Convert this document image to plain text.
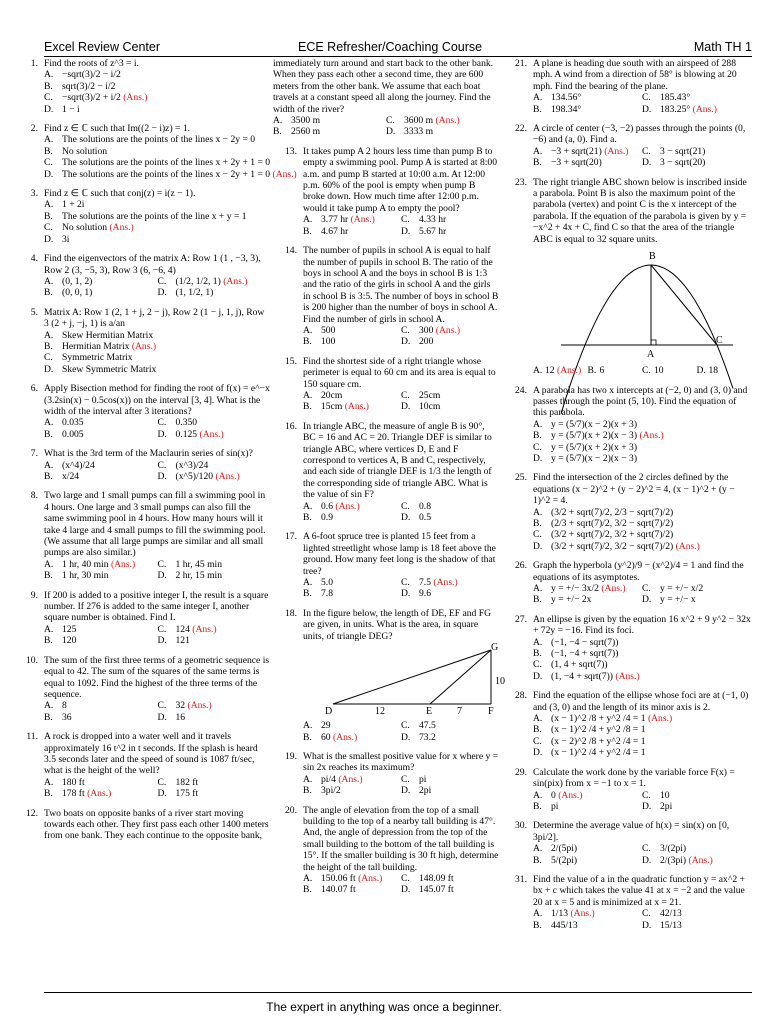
Excel Review Center	ECE Refresher/Coaching Course	Math TH 1
1. Find the roots of z^3 = i.
A. −sqrt(3)/2 − i/2
B. sqrt(3)/2 − i/2
C. −sqrt(3)/2 + i/2 (Ans.)
D. 1 − i
2. Find z ∈ ℂ such that Im((2 − i)z) = 1.
A. The solutions are the points of the lines x − 2y = 0
B. No solution
C. The solutions are the points of the lines x + 2y + 1 = 0
D. The solutions are the points of the lines x − 2y + 1 = 0 (Ans.)
3. Find z ∈ ℂ such that conj(z) = i(z − 1).
A. 1 + 2i
B. The solutions are the points of the line x + y = 1
C. No solution (Ans.)
D. 3i
4. Find the eigenvectors of the matrix A: Row 1 (1 , −3, 3), Row 2 (3, −5, 3), Row 3 (6, −6, 4)
A. (0, 1, 2)	C. (1/2, 1/2, 1) (Ans.)
B. (0, 0, 1)	D. (1, 1/2, 1)
5. Matrix A: Row 1 (2, 1 + j, 2 − j), Row 2 (1 − j, 1, j), Row 3 (2 + j, −j, 1) is a/an
A. Skew Hermitian Matrix
B. Hermitian Matrix (Ans.)
C. Symmetric Matrix
D. Skew Symmetric Matrix
6. Apply Bisection method for finding the root of f(x) = e^−x (3.2sin(x) − 0.5cos(x)) on the interval [3, 4]. What is the width of the interval after 3 iterations?
A. 0.035	C. 0.350
B. 0.005	D. 0.125 (Ans.)
7. What is the 3rd term of the Maclaurin series of sin(x)?
A. (x^4)/24	C. (x^3)/24
B. x/24	D. (x^5)/120 (Ans.)
8. Two large and 1 small pumps can fill a swimming pool in 4 hours. One large and 3 small pumps can also fill the same swimming pool in 4 hours. How many hours will it take 4 large and 4 small pumps to fill the swimming pool. (We assume that all large pumps are similar and all small pumps are also similar.)
A. 1 hr, 40 min (Ans.)	C. 1 hr, 45 min
B. 1 hr, 30 min	D. 2 hr, 15 min
9. If 200 is added to a positive integer I, the result is a square number. If 276 is added to the same integer I, another square number is obtained. Find I.
A. 125	C. 124 (Ans.)
B. 120	D. 121
10. The sum of the first three terms of a geometric sequence is equal to 42. The sum of the squares of the same terms is equal to 1092. Find the highest of the three terms of the sequence.
A. 8	C. 32 (Ans.)
B. 36	D. 16
11. A rock is dropped into a water well and it travels approximately 16 t^2 in t seconds. If the splash is heard 3.5 seconds later and the speed of sound is 1087 ft/sec, what is the height of the well?
A. 180 ft	C. 182 ft
B. 178 ft (Ans.)	D. 175 ft
12. Two boats on opposite banks of a river start moving towards each other. They first pass each other 1400 meters from one bank. They each continue to the opposite bank,
immediately turn around and start back to the other bank. When they pass each other a second time, they are 600 meters from the other bank. We assume that each boat travels at a constant speed all along the journey. Find the width of the river?
A. 3500 m	C. 3600 m (Ans.)
B. 2560 m	D. 3333 m
13. It takes pump A 2 hours less time than pump B to empty a swimming pool. Pump A is started at 8:00 a.m. and pump B started at 10:00 a.m. At 12:00 p.m. 60% of the pool is empty when pump B broke down. How much time after 12:00 p.m. would it take pump A to empty the pool?
A. 3.77 hr (Ans.)	C. 4.33 hr
B. 4.67 hr	D. 5.67 hr
14. The number of pupils in school A is equal to half the number of pupils in school B. The ratio of the boys in school A and the boys in school B is 1:3 and the ratio of the girls in school A and the girls in school B is 3:5. The number of boys in school B is 200 higher than the number of boys in school A. Find the number of girls in school A.
A. 500	C. 300 (Ans.)
B. 100	D. 200
15. Find the shortest side of a right triangle whose perimeter is equal to 60 cm and its area is equal to 150 square cm.
A. 20cm	C. 25cm
B. 15cm (Ans.)	D. 10cm
16. In triangle ABC, the measure of angle B is 90°, BC = 16 and AC = 20. Triangle DEF is similar to triangle ABC, where vertices D, E and F correspond to vertices A, B and C, respectively, and each side of triangle DEF is 1/3 the length of the corresponding side of triangle ABC. What is the value of sin F?
A. 0.6 (Ans.)	C. 0.8
B. 0.9	D. 0.5
17. A 6-foot spruce tree is planted 15 feet from a lighted streetlight whose lamp is 18 feet above the ground. How many feet long is the shadow of that tree?
A. 5.0	C. 7.5 (Ans.)
B. 7.8	D. 9.6
18. In the figure below, the length of DE, EF and FG are given, in units. What is the area, in square units, of triangle DEG?
D	E	F
G
12	7
10
A. 29	C. 47.5
B. 60 (Ans.)	D. 73.2
19. What is the smallest positive value for x where y = sin 2x reaches its maximum?
A. pi/4 (Ans.)	C. pi
B. 3pi/2	D. 2pi
20. The angle of elevation from the top of a small building to the top of a nearby tall building is 47°. And, the angle of depression from the top of the small building to the bottom of the tall building is 15°. If the smaller building is 30 ft high, determine the height of the tall building.
A. 150.06 ft (Ans.)	C. 148.09 ft
B. 140.07 ft	D. 145.07 ft
21. A plane is heading due south with an airspeed of 288 mph. A wind from a direction of 58° is blowing at 20 mph. Find the bearing of the plane.
A. 134.56°	C. 185.43°
B. 198.34°	D. 183.25° (Ans.)
22. A circle of center (−3, −2) passes through the points (0, −6) and (a, 0). Find a.
A. −3 + sqrt(21) (Ans.)	C. 3 − sqrt(21)
B. −3 + sqrt(20)	D. 3 − sqrt(20)
23. The right triangle ABC shown below is inscribed inside a parabola. Point B is also the maximum point of the parabola (vertex) and point C is the x intercept of the parabola. If the equation of the parabola is given by y = −x^2 + 4x + C, find C so that the area of the triangle ABC is equal to 32 square units.
B
A
C
A. 12 (Ans.) B. 6	C. 10	D. 18
24. A parabola has two x intercepts at (−2, 0) and (3, 0) and passes through the point (5, 10). Find the equation of this parabola.
A. y = (5/7)(x − 2)(x + 3)
B. y = (5/7)(x + 2)(x − 3) (Ans.)
C. y = (5/7)(x + 2)(x + 3)
D. y = (5/7)(x − 2)(x − 3)
25. Find the intersection of the 2 circles defined by the equations (x − 2)^2 + (y − 2)^2 = 4, (x − 1)^2 + (y − 1)^2 = 4.
A. (3/2 + sqrt(7)/2, 2/3 − sqrt(7)/2)
B. (2/3 + sqrt(7)/2, 3/2 − sqrt(7)/2)
C. (3/2 + sqrt(7)/2, 3/2 + sqrt(7)/2)
D. (3/2 + sqrt(7)/2, 3/2 − sqrt(7)/2) (Ans.)
26. Graph the hyperbola (y^2)/9 − (x^2)/4 = 1 and find the equations of its asymptotes.
A. y = +/− 3x/2 (Ans.)	C. y = +/− x/2
B. y = +/− 2x	D. y = +/− x
27. An ellipse is given by the equation 16 x^2 + 9 y^2 − 32x + 72y = −16. Find its foci.
A. (−1, −4 − sqrt(7))
B. (−1, −4 + sqrt(7))
C. (1, 4 + sqrt(7))
D. (1, −4 + sqrt(7)) (Ans.)
28. Find the equation of the ellipse whose foci are at (−1, 0) and (3, 0) and the length of its minor axis is 2.
A. (x − 1)^2 /8 + y^2 /4 = 1 (Ans.)
B. (x − 1)^2 /4 + y^2 /8 = 1
C. (x − 2)^2 /8 + y^2 /4 = 1
D. (x − 1)^2 /4 + y^2 /4 = 1
29. Calculate the work done by the variable force F(x) = sin(pix) from x = −1 to x = 1.
A. 0 (Ans.)	C. 10
B. pi	D. 2pi
30. Determine the average value of h(x) = sin(x) on [0, 3pi/2].
A. 2/(5pi)	C. 3/(2pi)
B. 5/(2pi)	D. 2/(3pi) (Ans.)
31. Find the value of a in the quadratic function y = ax^2 + bx + c which takes the value 41 at x = −2 and the value 20 at x = 5 and is minimized at x = 21.
A. 1/13 (Ans.)	C. 42/13
B. 445/13	D. 15/13
The expert in anything was once a beginner.
